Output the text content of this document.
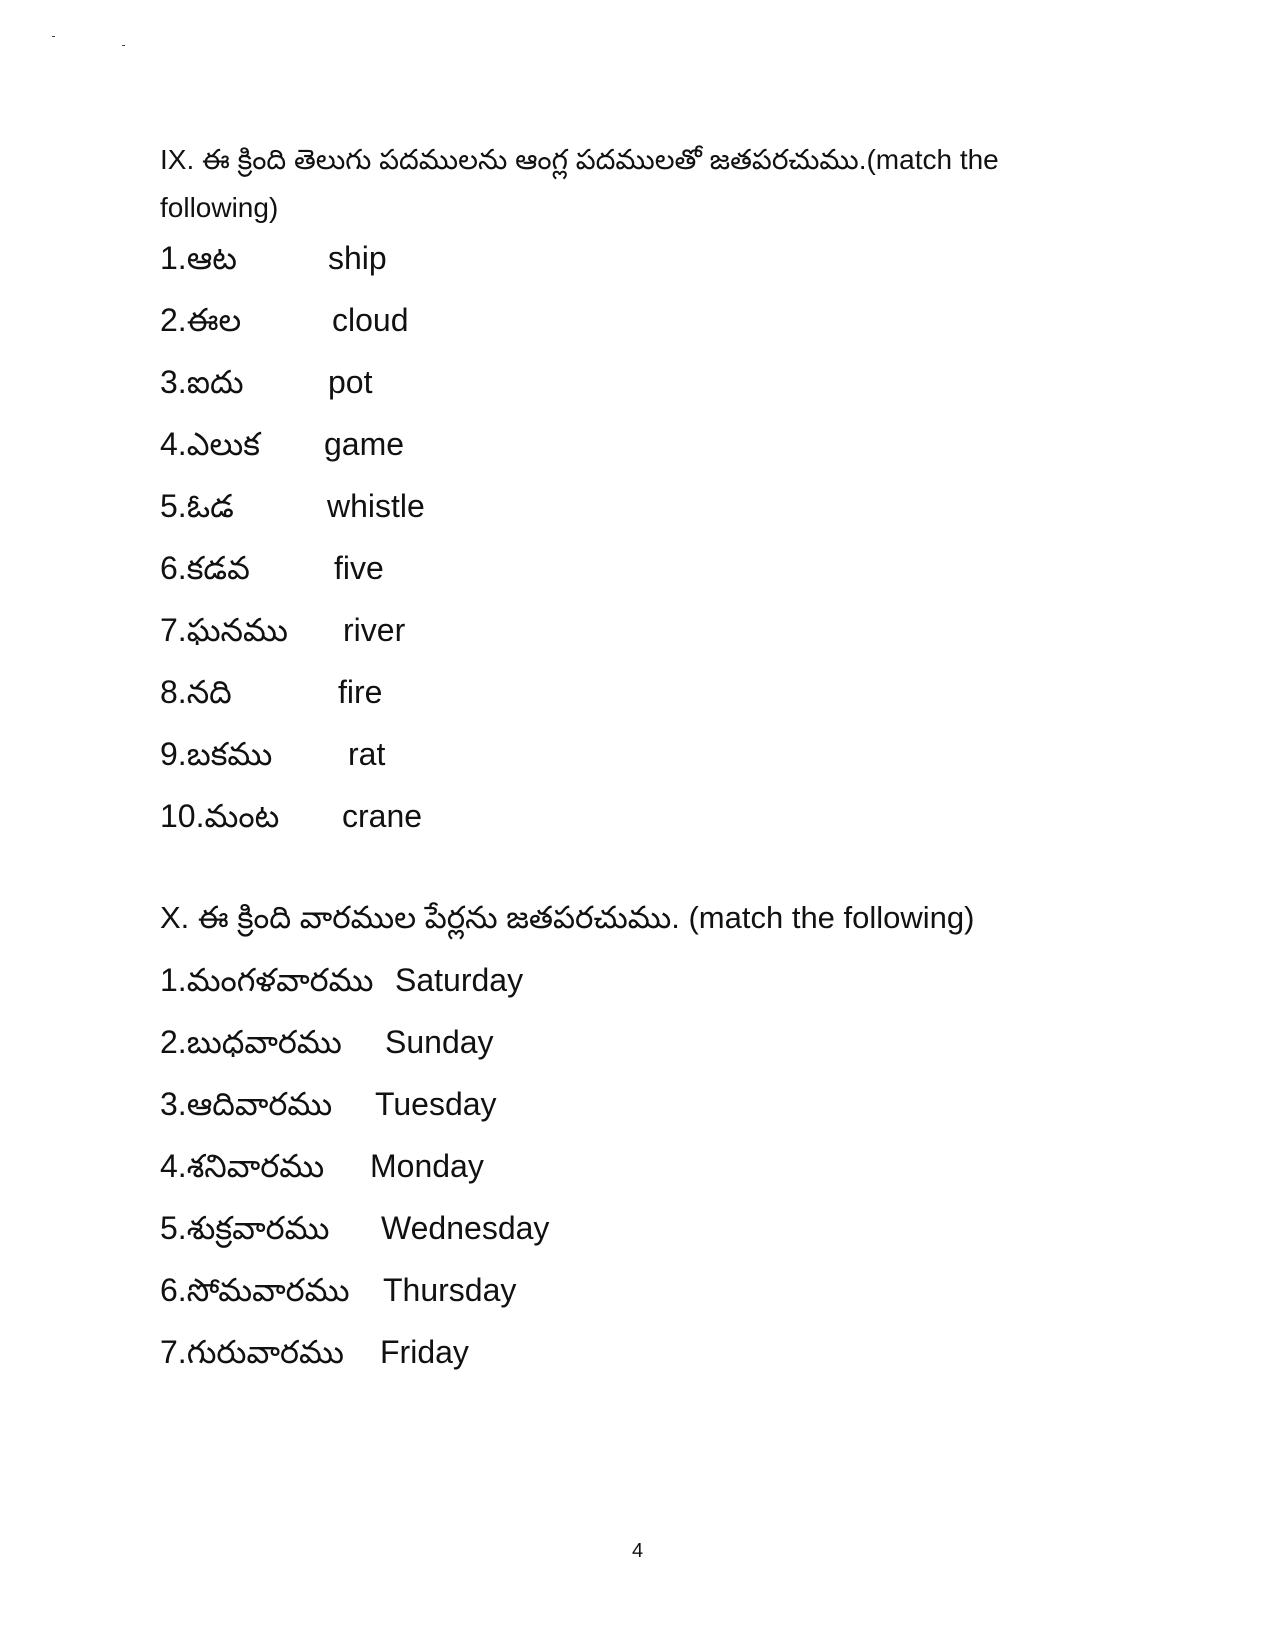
IX. ఈ క్రింది తెలుగు పదములను ఆంగ్ల పదములతో జతపరచుము.(match the
following)
1.ఆట	ship
2.ఈల	cloud
3.ఐదు	pot
4.ఎలుక game
5.ఓడ	whistle
6.కడవ	five
7.ఘనము river
8.నది	fire
9.బకము rat
10.మంట crane
X. ఈ క్రింది వారముల పేర్లను జతపరచుము. (match the following)
1.మంగళవారము Saturday
2.బుధవారము Sunday
3.ఆదివారము Tuesday
4.శనివారము Monday
5.శుక్రవారము Wednesday
6.సోమవారము Thursday
7.గురువారము Friday
4
